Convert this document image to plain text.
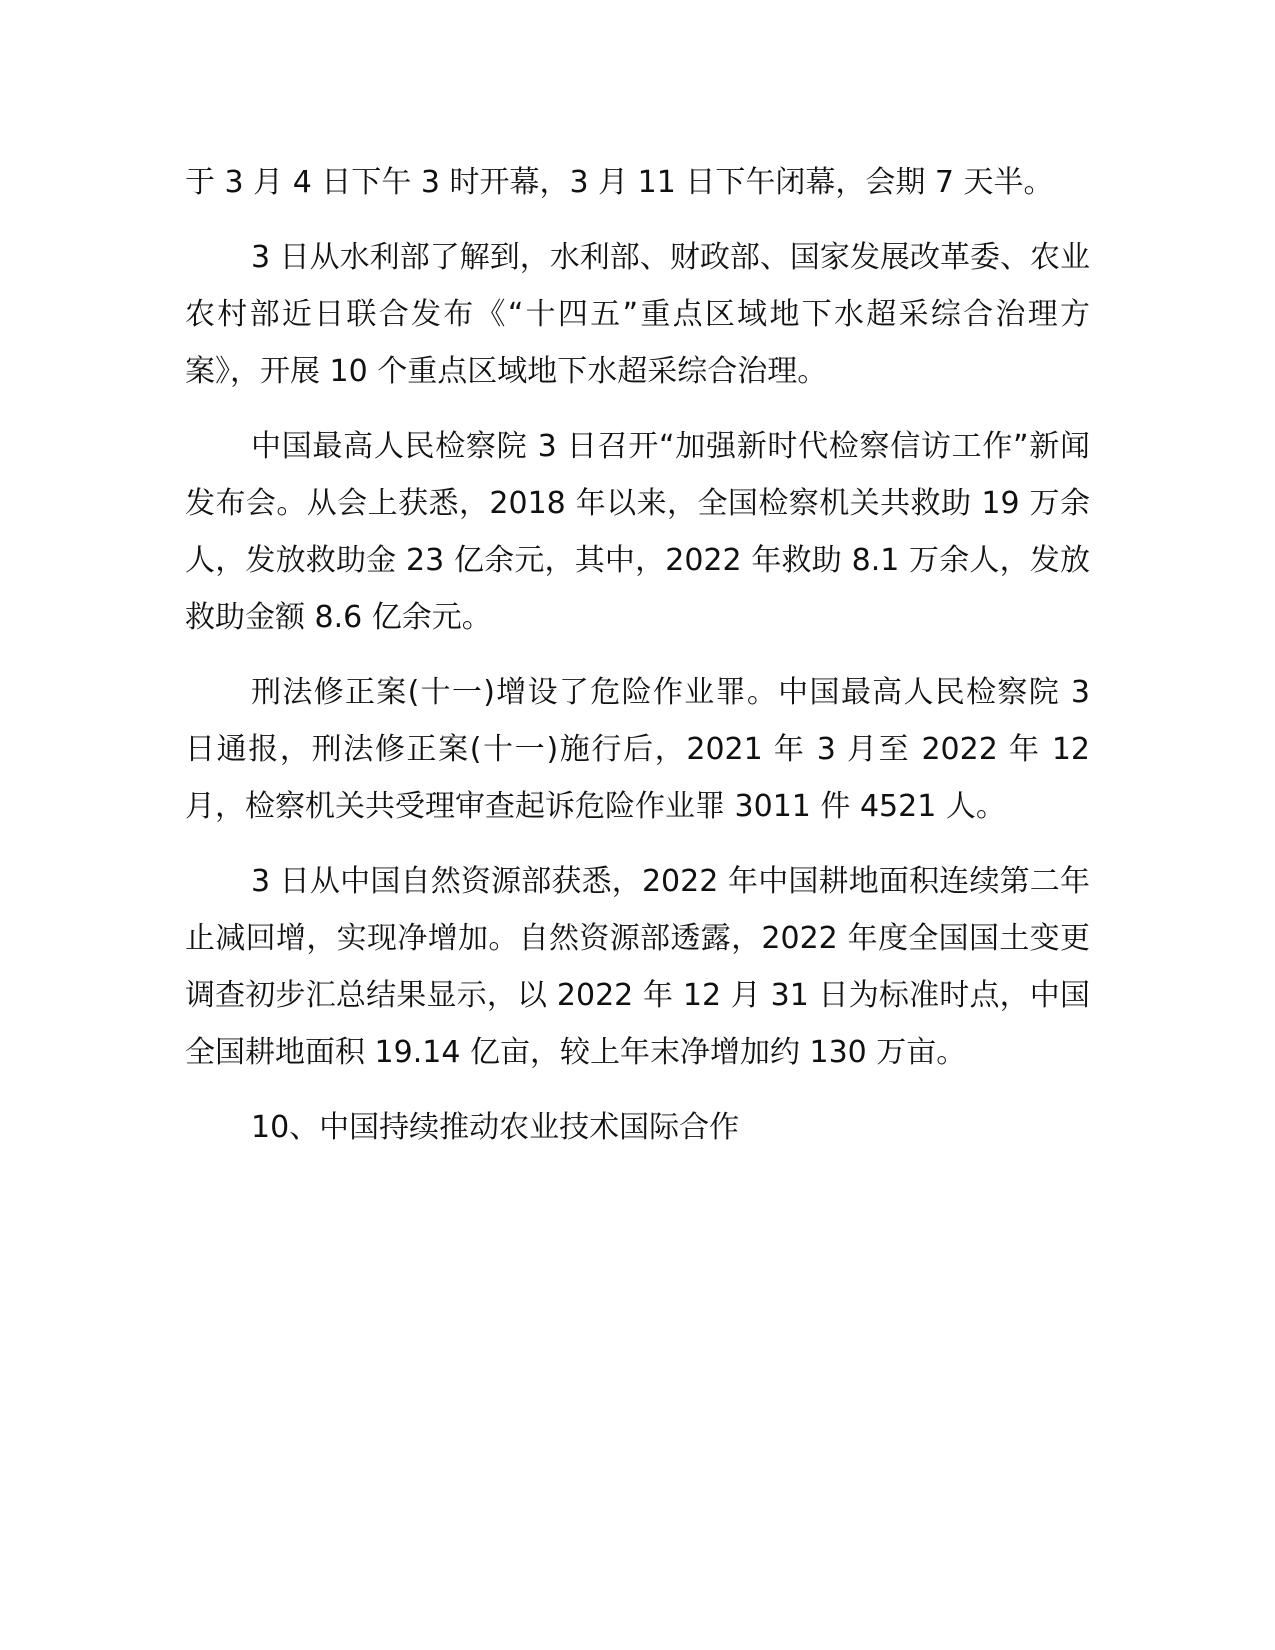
于 3 月 4 日下午 3 时开幕，3 月 11 日下午闭幕，会期 7 天半。

3 日从水利部了解到，水利部、财政部、国家发展改革委、农业农村部近日联合发布《“十四五”重点区域地下水超采综合治理方案》，开展 10 个重点区域地下水超采综合治理。

中国最高人民检察院 3 日召开“加强新时代检察信访工作”新闻发布会。从会上获悉，2018 年以来，全国检察机关共救助 19 万余人，发放救助金 23 亿余元，其中，2022 年救助 8.1 万余人，发放救助金额 8.6 亿余元。

刑法修正案(十一)增设了危险作业罪。中国最高人民检察院 3 日通报，刑法修正案(十一)施行后，2021 年 3 月至 2022 年 12 月，检察机关共受理审查起诉危险作业罪 3011 件 4521 人。

3 日从中国自然资源部获悉，2022 年中国耕地面积连续第二年止减回增，实现净增加。自然资源部透露，2022 年度全国国土变更调查初步汇总结果显示，以 2022 年 12 月 31 日为标准时点，中国全国耕地面积 19.14 亿亩，较上年末净增加约 130 万亩。

10、中国持续推动农业技术国际合作
